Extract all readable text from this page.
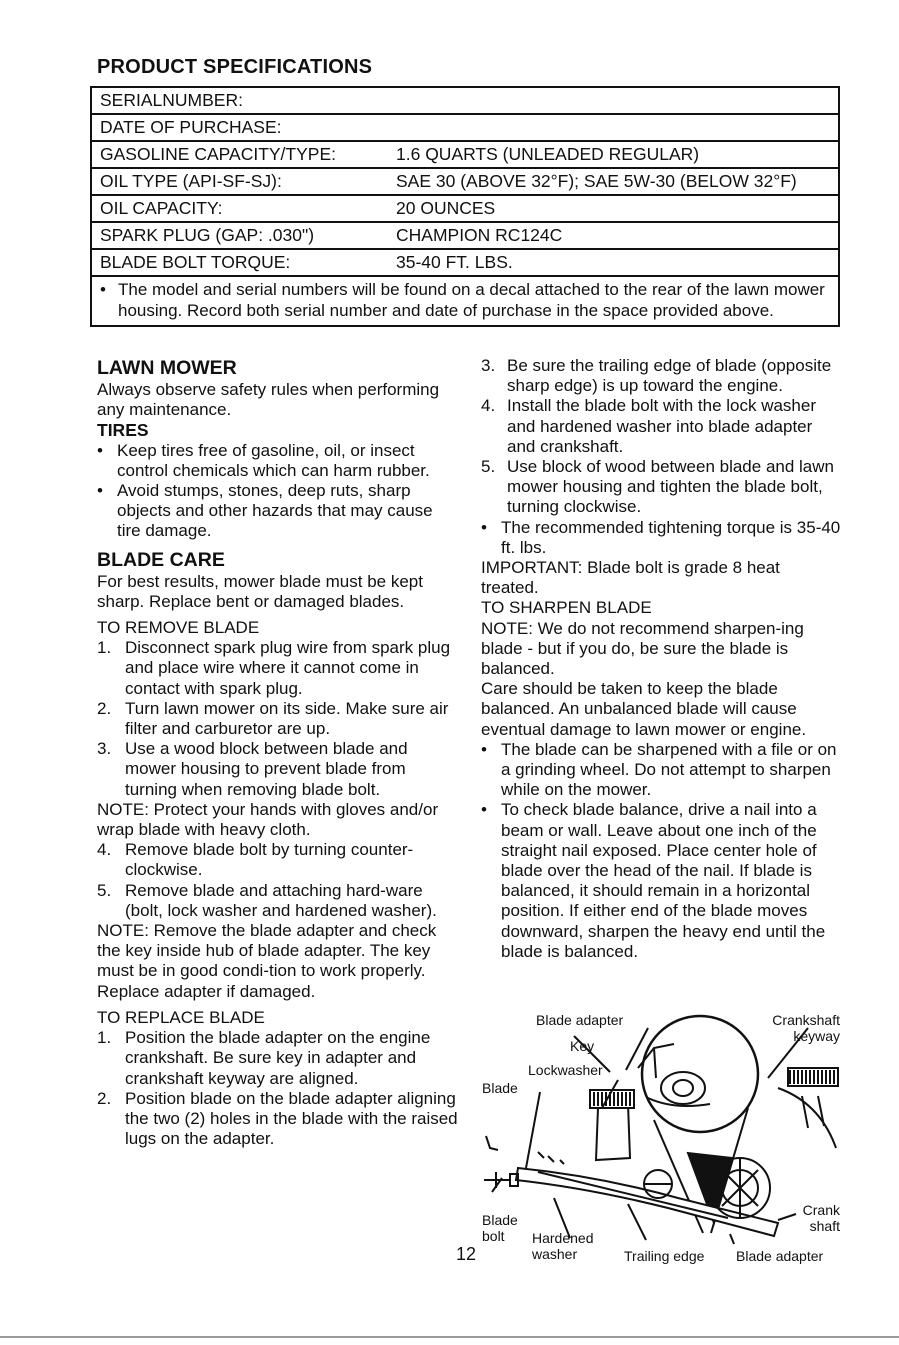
PRODUCT SPECIFICATIONS
SERIALNUMBER:
DATE OF PURCHASE:
GASOLINE CAPACITY/TYPE:	1.6 QUARTS (UNLEADED REGULAR)
OIL TYPE (API-SF-SJ):	SAE 30 (ABOVE 32°F); SAE 5W-30 (BELOW 32°F)
OIL CAPACITY:	20 OUNCES
SPARK PLUG (GAP: .030")	CHAMPION RC124C
BLADE BOLT TORQUE:	35-40 FT. LBS.
• The model and serial numbers will be found on a decal attached to the rear of the lawn mower housing. Record both serial number and date of purchase in the space provided above.
LAWN MOWER

Always observe safety rules when performing any maintenance.

TIRES
• Keep tires free of gasoline, oil, or insect control chemicals which can harm rubber.
• Avoid stumps, stones, deep ruts, sharp objects and other hazards that may cause tire damage.
BLADE CARE

For best results, mower blade must be kept sharp. Replace bent or damaged blades.

TO REMOVE BLADE
1. Disconnect spark plug wire from spark plug and place wire where it cannot come in contact with spark plug.
2. Turn lawn mower on its side. Make sure air filter and carburetor are up.
3. Use a wood block between blade and mower housing to prevent blade from turning when removing blade bolt.

NOTE: Protect your hands with gloves and/or wrap blade with heavy cloth.

4. Remove blade bolt by turning counter-clockwise.
5. Remove blade and attaching hard-ware (bolt, lock washer and hardened washer).

NOTE: Remove the blade adapter and check the key inside hub of blade adapter. The key must be in good condi-tion to work properly. Replace adapter if damaged.

TO REPLACE BLADE
1. Position the blade adapter on the engine crankshaft. Be sure key in adapter and crankshaft keyway are aligned.
2. Position blade on the blade adapter aligning the two (2) holes in the blade with the raised lugs on the adapter.
3. Be sure the trailing edge of blade (opposite sharp edge) is up toward the engine.
4. Install the blade bolt with the lock washer and hardened washer into blade adapter and crankshaft.
5. Use block of wood between blade and lawn mower housing and tighten the blade bolt, turning clockwise.
• The recommended tightening torque is 35-40 ft. lbs.

IMPORTANT: Blade bolt is grade 8 heat treated.

TO SHARPEN BLADE

NOTE: We do not recommend sharpen-ing blade - but if you do, be sure the blade is balanced.

Care should be taken to keep the blade balanced. An unbalanced blade will cause eventual damage to lawn mower or engine.

• The blade can be sharpened with a file or on a grinding wheel. Do not attempt to sharpen while on the mower.
• To check blade balance, drive a nail into a beam or wall. Leave about one inch of the straight nail exposed. Place center hole of blade over the head of the nail. If blade is balanced, it should remain in a horizontal position. If either end of the blade moves downward, sharpen the heavy end until the blade is balanced.
Blade adapter	Crankshaft keyway
Key
Lockwasher
Blade
Blade bolt	Hardened washer	Trailing edge Blade adapter
Crank shaft
12
